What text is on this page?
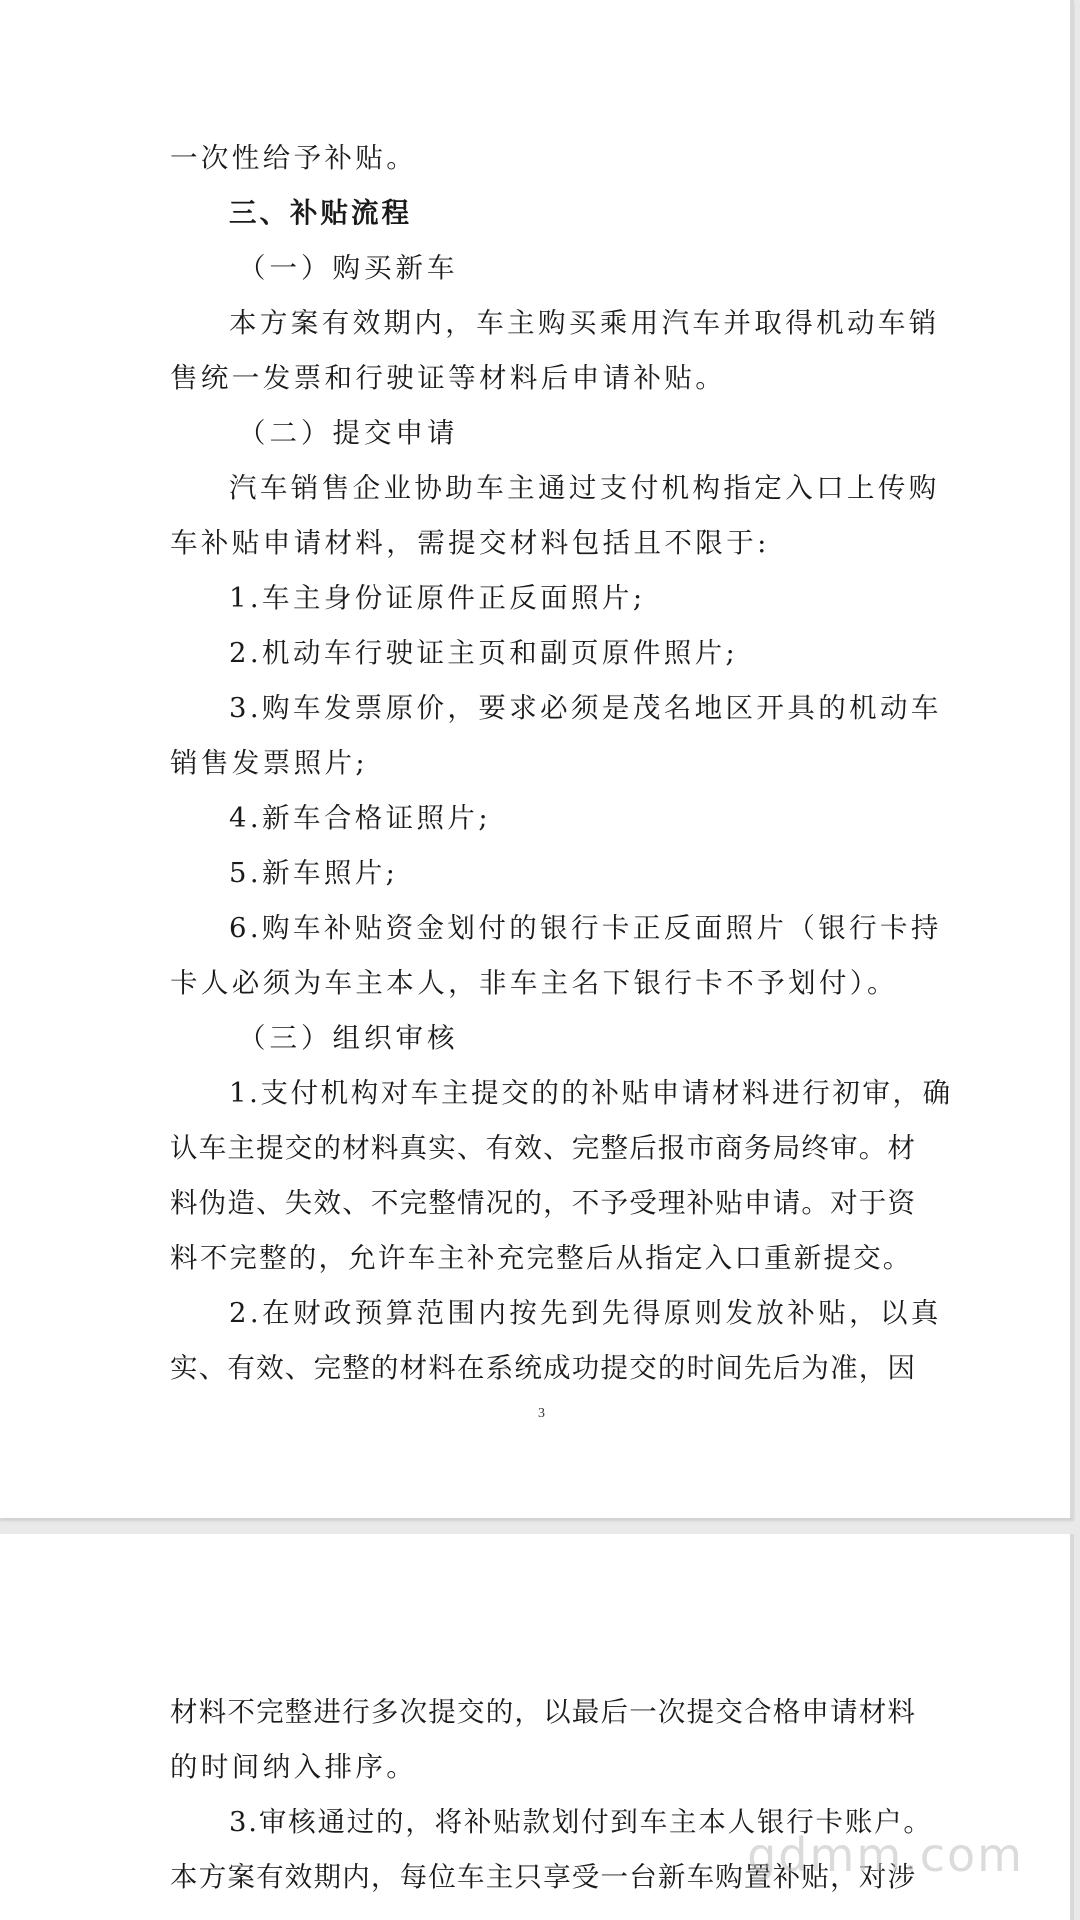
一次性给予补贴。
三、补贴流程
（一）购买新车
本方案有效期内，车主购买乘用汽车并取得机动车销
售统一发票和行驶证等材料后申请补贴。
（二）提交申请
汽车销售企业协助车主通过支付机构指定入口上传购
车补贴申请材料，需提交材料包括且不限于:
1.车主身份证原件正反面照片;
2.机动车行驶证主页和副页原件照片;
3.购车发票原价，要求必须是茂名地区开具的机动车
销售发票照片;
4.新车合格证照片;
5.新车照片;
6.购车补贴资金划付的银行卡正反面照片（银行卡持
卡人必须为车主本人，非车主名下银行卡不予划付）。
（三）组织审核
1.支付机构对车主提交的的补贴申请材料进行初审，确
认车主提交的材料真实、有效、完整后报市商务局终审。材
料伪造、失效、不完整情况的，不予受理补贴申请。对于资
料不完整的，允许车主补充完整后从指定入口重新提交。
2.在财政预算范围内按先到先得原则发放补贴，以真
实、有效、完整的材料在系统成功提交的时间先后为准，因
3
材料不完整进行多次提交的，以最后一次提交合格申请材料
的时间纳入排序。
3.审核通过的，将补贴款划付到车主本人银行卡账户。
本方案有效期内，每位车主只享受一台新车购置补贴，对涉
gdmm.com
